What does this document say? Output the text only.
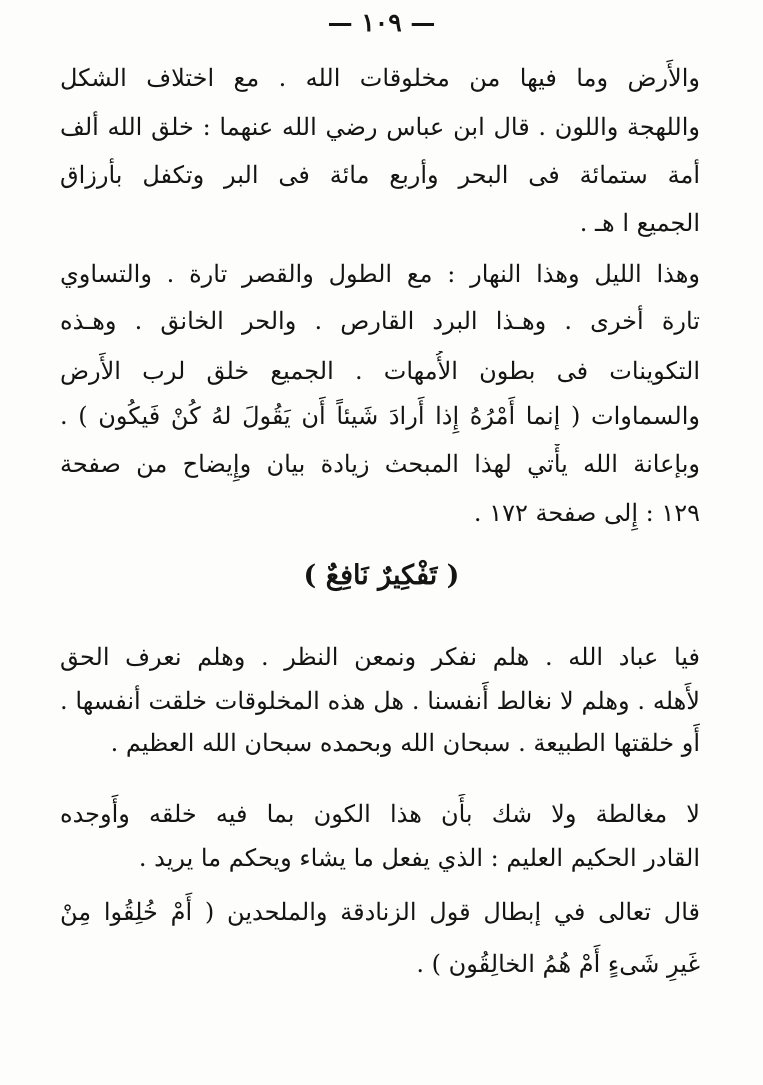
— ١٠٩ —
والأَرض وما فيها من مخلوقات الله . مع اختلاف الشكل
واللهجة واللون . قال ابن عباس رضي الله عنهما : خلق الله ألف
أمة ستمائة فى البحر وأربع مائة فى البر وتكفل بأرزاق
الجميع ا هـ .
وهذا الليل وهذا النهار : مع الطول والقصر تارة . والتساوي
تارة أخرى . وهـذا البرد القارص . والحر الخانق . وهـذه
التكوينات فى بطون الأُمهات . الجميع خلق لرب الأَرض
والسماوات ( إنما أَمْرُهُ إِذا أَرادَ شَيئاً أَن يَقُولَ لهُ كُنْ فَيكُون ) .
وبإعانة الله يأْتي لهذا المبحث زيادة بيان وإِيضاح من صفحة
١٢٩ : إِلى صفحة ١٧٢ .
( تَفْكِيرٌ نَافِعٌ )
فيا عباد الله . هلم نفكر ونمعن النظر . وهلم نعرف الحق
لأَهله . وهلم لا نغالط أَنفسنا . هل هذه المخلوقات خلقت أنفسها .
أَو خلقتها الطبيعة . سبحان الله وبحمده سبحان الله العظيم .
لا مغالطة ولا شك بأَن هذا الكون بما فيه خلقه وأَوجده
القادر الحكيم العليم : الذي يفعل ما يشاء ويحكم ما يريد .
قال تعالى في إبطال قول الزنادقة والملحدين ( أَمْ خُلِقُوا مِنْ
غَيرِ شَىءٍ أَمْ هُمُ الخالِقُون ) .
